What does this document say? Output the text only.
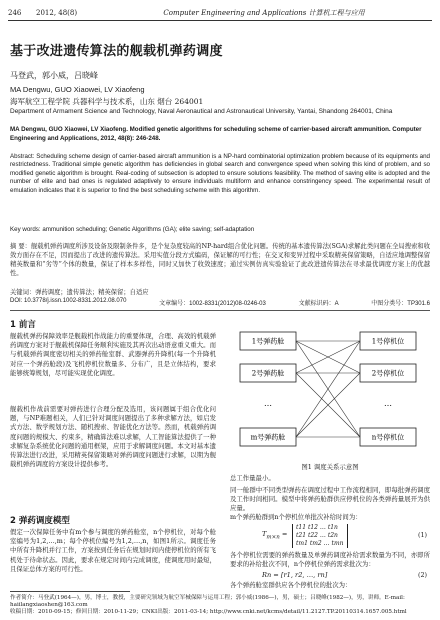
246	2012, 48(8)	Computer Engineering and Applications 计算机工程与应用
基于改进遗传算法的舰载机弹药调度
马登武，郭小威，吕晓峰
MA Dengwu, GUO Xiaowei, LV Xiaofeng
海军航空工程学院 兵器科学与技术系，山东 烟台 264001
Department of Armament Science and Technology, Naval Aeronautical and Astronautical University, Yantai, Shandong 264001, China
MA Dengwu, GUO Xiaowei, LV Xiaofeng. Modified genetic algorithms for scheduling scheme of carrier-based aircraft ammunition. Computer Engineering and Applications, 2012, 48(8): 246-248.
Abstract: Scheduling scheme design of carrier-based aircraft ammunition is a NP-hard combinatorial optimization problem because of its equipments and restrictedness. Traditional simple genetic algorithm has deficiencies in global search and convergence speed when solving this kind of problem, and so modified genetic algorithm is brought. Real-coding of subsection is adopted to ensure solutions feasibility. The method of saving elite is adopted and the number of elite and bad ones is regulated adaptively to ensure individuals multiform and enhance constringency speed. The experimental result of emulation indicates that it is superior to find the best scheduling scheme with this algorithm.
Key words: ammunition scheduling; Genetic Algorithms (GA); elite saving; self-adaptation
摘 要：舰载机弹药调度所涉及设备及限制条件多，是个复杂度较高的NP-hard组合优化问题。传统的基本遗传算法(SGA)求解此类问题在全局搜索和收敛方面存在不足，因而提出了改进的遗传算法。采用实值分段方式编码，保证解的可行性；在交叉和变异过程中采取精英保留策略，自适应地调整保留精英数量和“劣等”个体的数量，保证了样本多样性，同时又加快了收敛速度；通过实例仿真实验验证了此改进遗传算法在寻求最优调度方案上的优越性。
关键词：弹药调度；遗传算法；精英保留；自适应
DOI: 10.3778/j.issn.1002-8331.2012.08.070	文章编号：1002-8331(2012)08-0246-03	文献标识码：A	中图分类号：TP301.6
1 前言
舰载机弹药保障效率是舰载机作战能力的重要体现，合理、高效的机载弹药调度方案对于舰载机保障任务顺利实施及其再次出动语意重义重大。而与机载弹药调度密切相关的弹药舱室群、武器弹药升降机(每一个升降机对应一个弹药舱段)及飞机停机位数量多、分布广，且是立体结构，要求能够统筹规划，尽可能实现优化调度。
舰载机作战前需要对弹药进行合理分配及选用，该问题属于组合优化问题，与NP难题相关，人们已针对调度问题提出了多种求解方法，如启发式方法、数学规划方法、随机搜索、智能优化方法等。然而，机载弹药调度问题的规模大、约束多，精确算法难以求解，人工智能算法提供了一种求解复杂系统优化问题的通用框架，应用于求解调度问题。本文对基本遗传算法进行改进，采用精英保留策略对弹药调度问题进行求解，以期为舰载机弹药调度的方案设计提供参考。
2 弹药调度模型
假定一次保障任务中有m个参与调度的弹药舱室，n个停机位，对每个舱室编号为1,2,…,m；每个停机位编号为1,2,…,n，如图1所示。调度任务中所有升降机并行工作，方案按到任务后在规划时间内使停机位的所有飞机处于待命状态。因此，要求在规定时间内完成调度，使调度用时最短，且保证总体方案的可行性。
1号弹药舱
2号弹药舱
…
m号弹药舱
1号停机位
2号停机位
…
n号停机位
图1 调度关系示意图
总工作量最小。
同一舱群中不同类型弹药在调度过程中工作流程相同，即每批弹药调度及工作时间相同。模型中将弹药舱群供应停机位的各类弹药量展开为供应量。
m个弹药舱群到n个停机位单批次补给时间为：
$T_{m\times n}$ =
t11 t12 … t1n
t21 t22 … t2n
tm1 tm2 … tmn
(1)
各个停机位需要的弹药数量及单弹药调度补给需求数量为不同，亦即所要求的补给批次不同，n个停机位弹药需求批次为：
Rn = [r1, r2, …, rn]	(2)
各个弹药舱室群供应各个停机位的批次为：
作者简介：马登武(1964—)，男，博士，教授，主要研究领域为航空军械保障与运用工程；郭小威(1986—)，男，硕士；吕晓峰(1982—)，男，讲师。E-mail: haiilangxiaoshen@163.com
收稿日期：2010-09-15；修回日期：2010-11-29；CNKI出版：2011-03-14; http://www.cnki.net/kcms/detail/11.2127.TP.20110314.1657.005.html
